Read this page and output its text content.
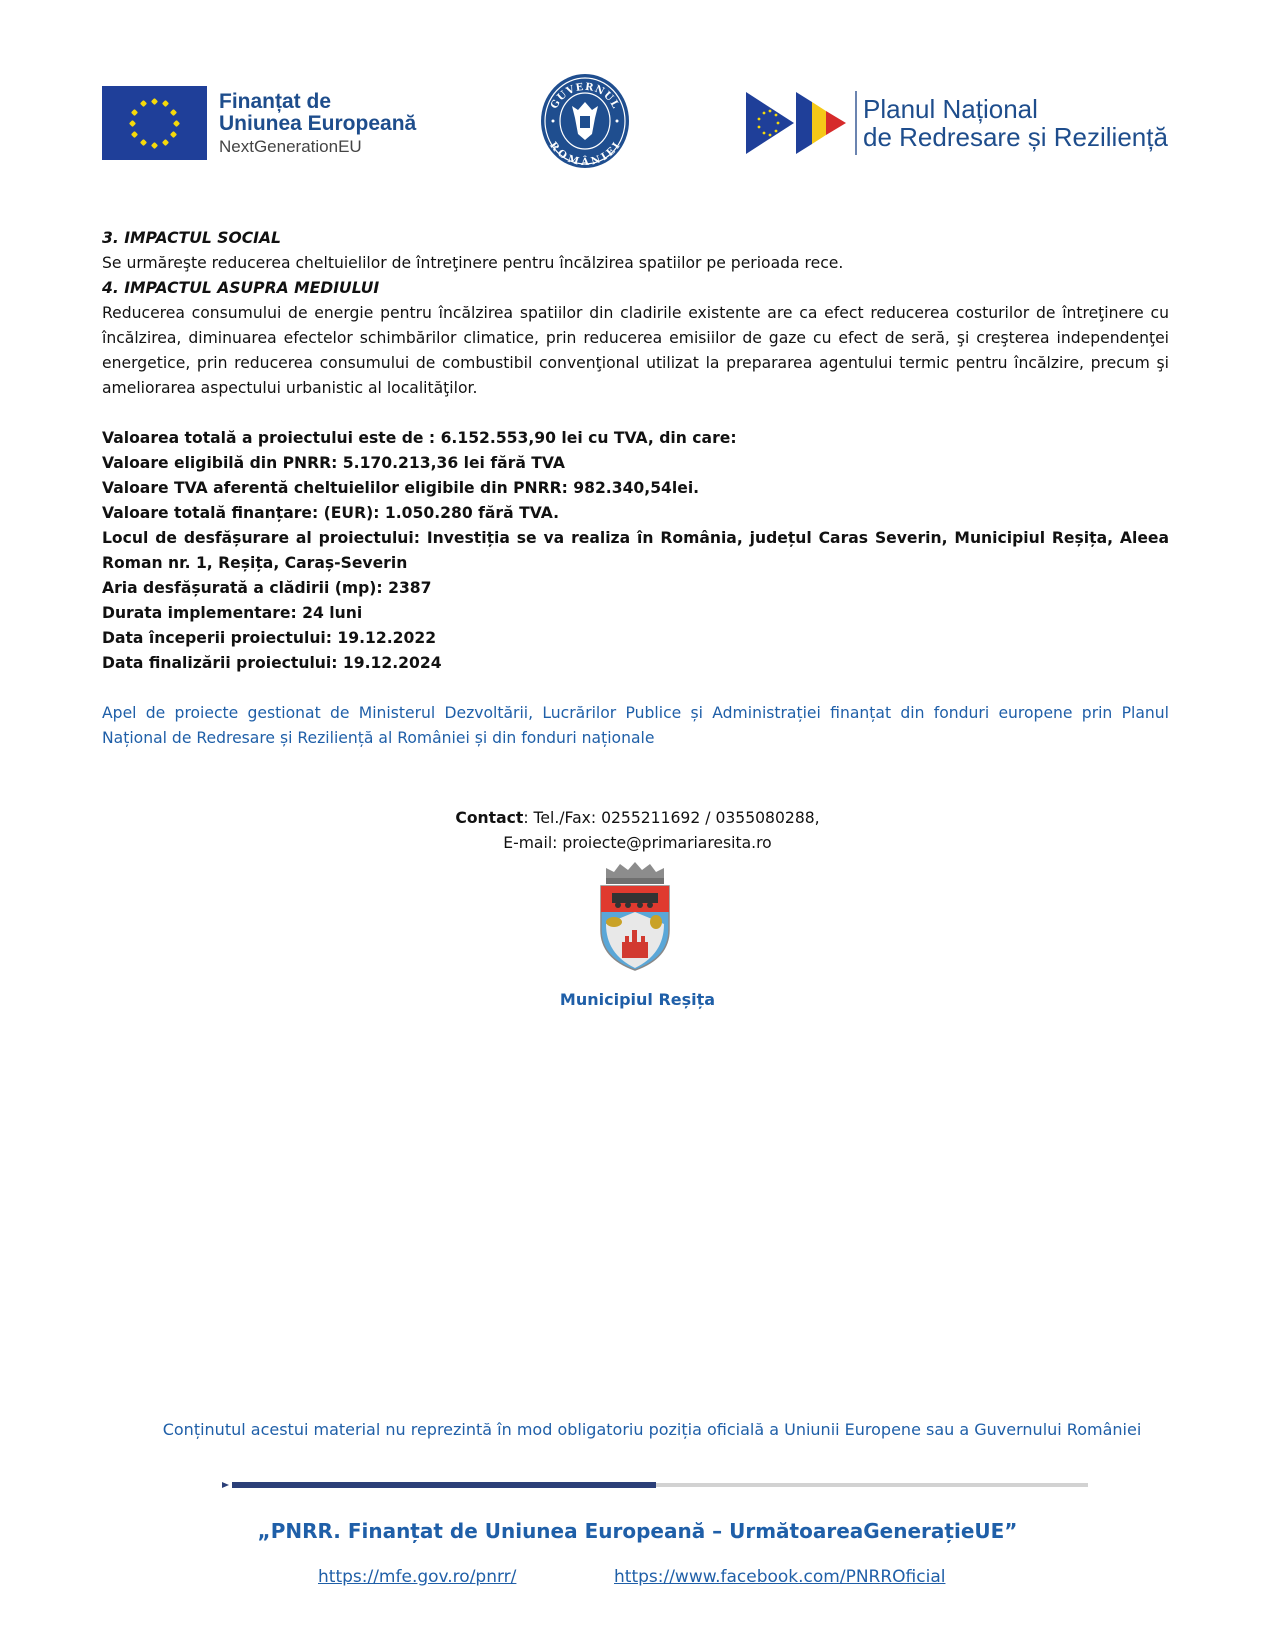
Finanțat de
Uniunea Europeană
NextGenerationEU
GUVERNUL
ROMÂNIEI
Planul Național
de Redresare și Reziliență

3. IMPACTUL SOCIAL

Se urmăreşte reducerea cheltuielilor de întreţinere pentru încălzirea spatiilor pe perioada rece.

4. IMPACTUL ASUPRA MEDIULUI

Reducerea consumului de energie pentru încălzirea spatiilor din cladirile existente are ca efect reducerea costurilor de întreţinere cu încălzirea, diminuarea efectelor schimbărilor climatice, prin reducerea emisiilor de gaze cu efect de seră, şi creşterea independenţei energetice, prin reducerea consumului de combustibil convenţional utilizat la prepararea agentului termic pentru încălzire, precum şi ameliorarea aspectului urbanistic al localităţilor.

Valoarea totală a proiectului este de : 6.152.553,90 lei cu TVA, din care:

Valoare eligibilă din PNRR: 5.170.213,36 lei fără TVA

Valoare TVA aferentă cheltuielilor eligibile din PNRR: 982.340,54lei.

Valoare totală finanțare: (EUR): 1.050.280 fără TVA.

Locul de desfășurare al proiectului: Investiția se va realiza în România, județul Caras Severin, Municipiul Reșița, Aleea Roman nr. 1, Reșița, Caraș-Severin

Aria desfășurată a clădirii (mp): 2387

Durata implementare: 24 luni

Data începerii proiectului: 19.12.2022

Data finalizării proiectului: 19.12.2024

Apel de proiecte gestionat de Ministerul Dezvoltării, Lucrărilor Publice și Administrației finanțat din fonduri europene prin Planul Național de Redresare și Reziliență al României și din fonduri naționale

Contact: Tel./Fax: 0255211692 / 0355080288,
E-mail: proiecte@primariaresita.ro
Municipiul Reșița
Conținutul acestui material nu reprezintă în mod obligatoriu poziția oficială a Uniunii Europene sau a Guvernului României
„PNRR. Finanțat de Uniunea Europeană – UrmătoareaGenerațieUE”
https://mfe.gov.ro/pnrr/	https://www.facebook.com/PNRROficial
